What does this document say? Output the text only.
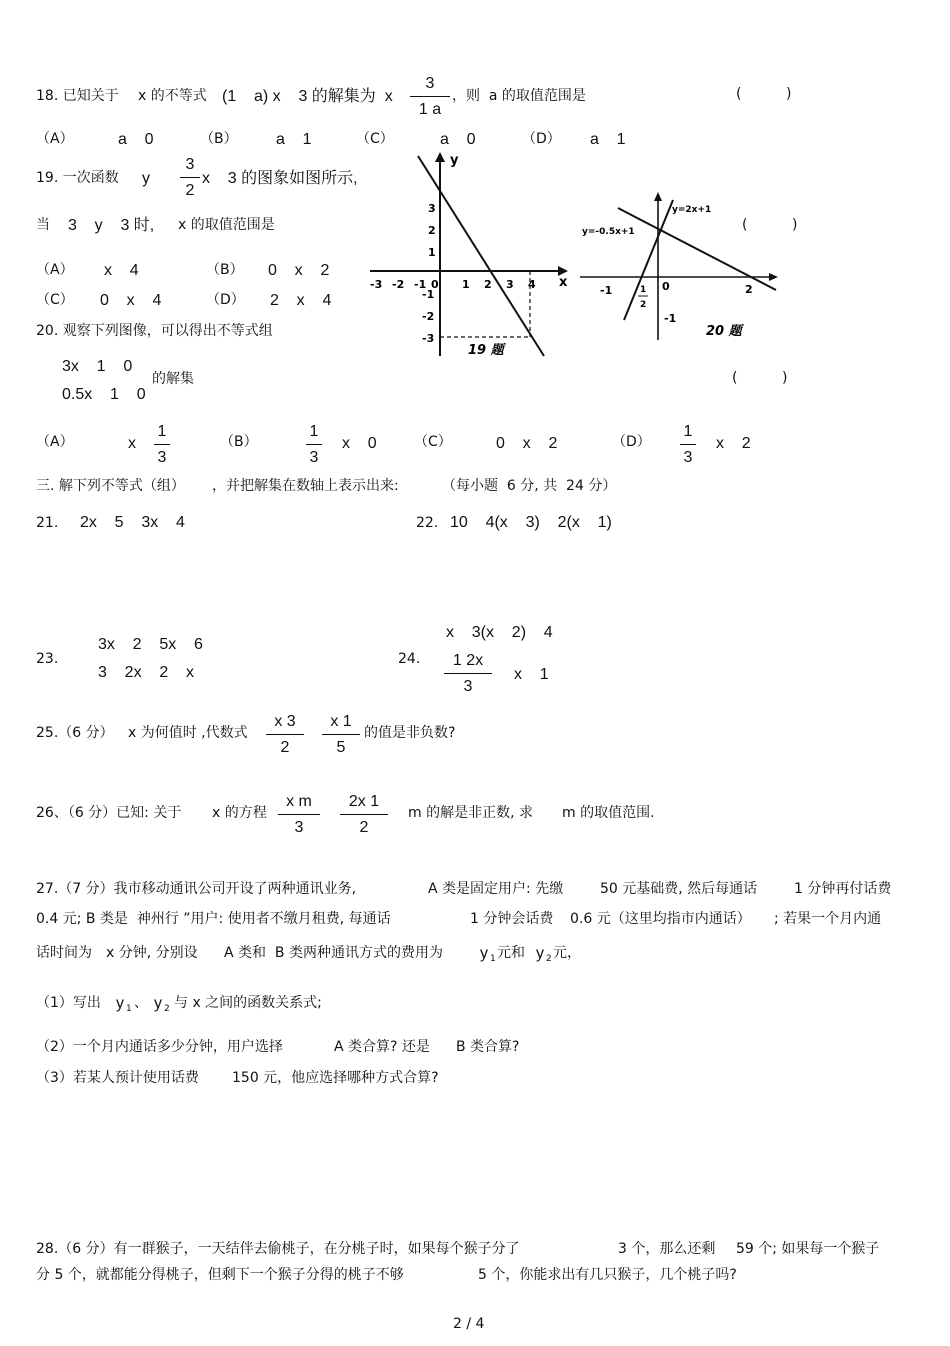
18. 已知关于 x 的不等式 (1    a) x    3 的解集为  x
3
1 a
，则  a 的取值范围是	(          )
（A）	a    0	（B） a    1	（C）	a    0	（D） a    1
19. 一次函数 y
3
2
x    3 的图象如图所示,
当 3    y    3 时, x 的取值范围是	(          )
（A） x    4	（B） 0    x    2
（C） 0    x    4	（D） 2    x    4
x
y
-3 -2 -1 0 1 2 3 4
3
2
1
-1
-2
-3
19 题
y=2x+1
y=-0.5x+1
-1	1
2
0	2
-1
20 题
20. 观察下列图像，可以得出不等式组
3x    1    0
0.5x    1    0
的解集	(          )
（A）	x
1
3
（B）
1
3
x    0	（C）	0    x    2	（D）
1
3
x    2
三. 解下列不等式（组） ，并把解集在数轴上表示出来:	（每小题  6 分, 共  24 分）
21. 2x    5    3x    4	22. 10    4(x    3)    2(x    1)
23.
3x    2    5x    6
3    2x    2    x
24.
x    3(x    2)    4
1 2x
3
x    1
25.（6 分） x 为何值时 ,代数式
x 3
2
x 1
5
的值是非负数?
26、（6 分）已知: 关于 x 的方程
x m
3
2x 1
2
m 的解是非正数, 求 m 的取值范围.
27.（7 分）我市移动通讯公司开设了两种通讯业务,	A 类是固定用户: 先缴	50 元基础费, 然后每通话	1 分钟再付话费
0.4 元; B 类是  神州行 ”用户: 使用者不缴月租费, 每通话	1 分钟会话费 0.6 元（这里均指市内通话） ; 若果一个月内通
话时间为 x 分钟, 分别设 A 类和  B 类两种通讯方式的费用为 y 1 元和 y 2 元，
（1）写出 y 1 、 y 2 与 x 之间的函数关系式;
（2）一个月内通话多少分钟，用户选择	A 类合算? 还是 B 类合算?
（3）若某人预计使用话费 150 元，他应选择哪种方式合算?
28.（6 分）有一群猴子，一天结伴去偷桃子，在分桃子时，如果每个猴子分了	3 个，那么还剩 59 个; 如果每一个猴子
分 5 个，就都能分得桃子，但剩下一个猴子分得的桃子不够	5 个，你能求出有几只猴子，几个桃子吗?
2 / 4
